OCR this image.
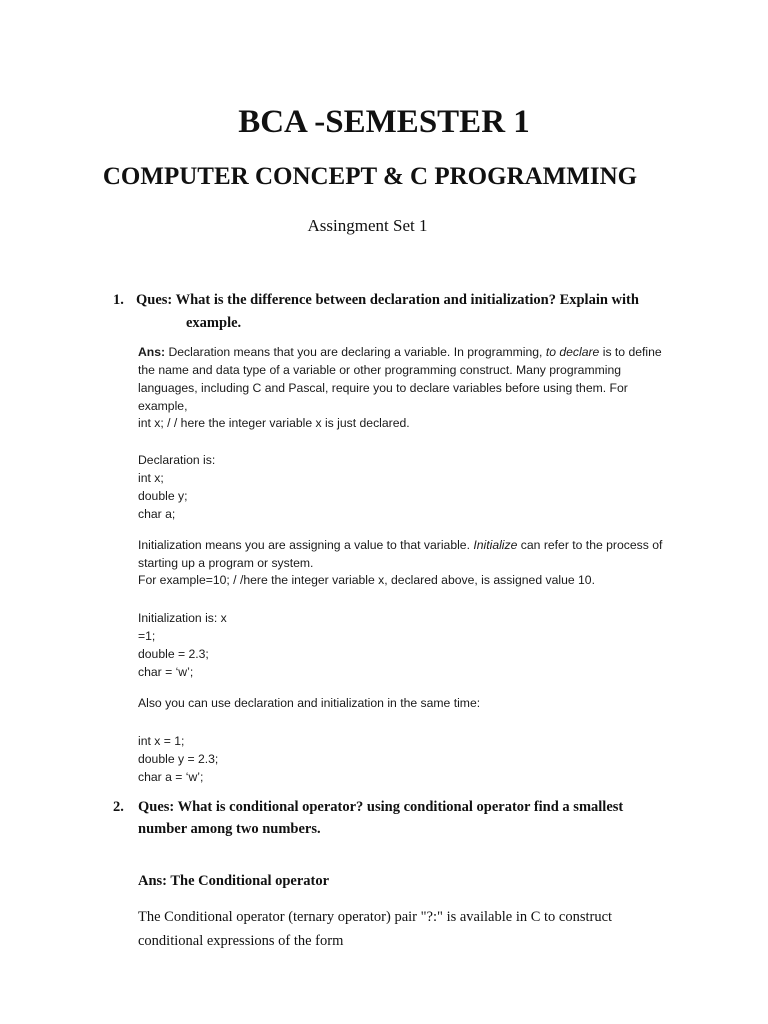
BCA -SEMESTER 1
COMPUTER CONCEPT & C PROGRAMMING
Assingment Set 1
1. Ques: What is the difference between declaration and initialization? Explain with
example.

Ans: Declaration means that you are declaring a variable. In programming, to declare is to define the name and data type of a variable or other programming construct. Many programming languages, including C and Pascal, require you to declare variables before using them. For example,

int x; / / here the integer variable x is just declared.
Declaration is:
int x;
double y;
char a;

Initialization means you are assigning a value to that variable. Initialize can refer to the process of starting up a program or system.

For example=10; / /here the integer variable x, declared above, is assigned value 10.
Initialization is: x
=1;
double = 2.3;
char = ‘w’;
Also you can use declaration and initialization in the same time:
int x = 1;
double y = 2.3;
char a = ‘w’;
2. Ques: What is conditional operator? using conditional operator find a smallest
number among two numbers.
Ans: The Conditional operator

The Conditional operator (ternary operator) pair "?:" is available in C to construct conditional expressions of the form
